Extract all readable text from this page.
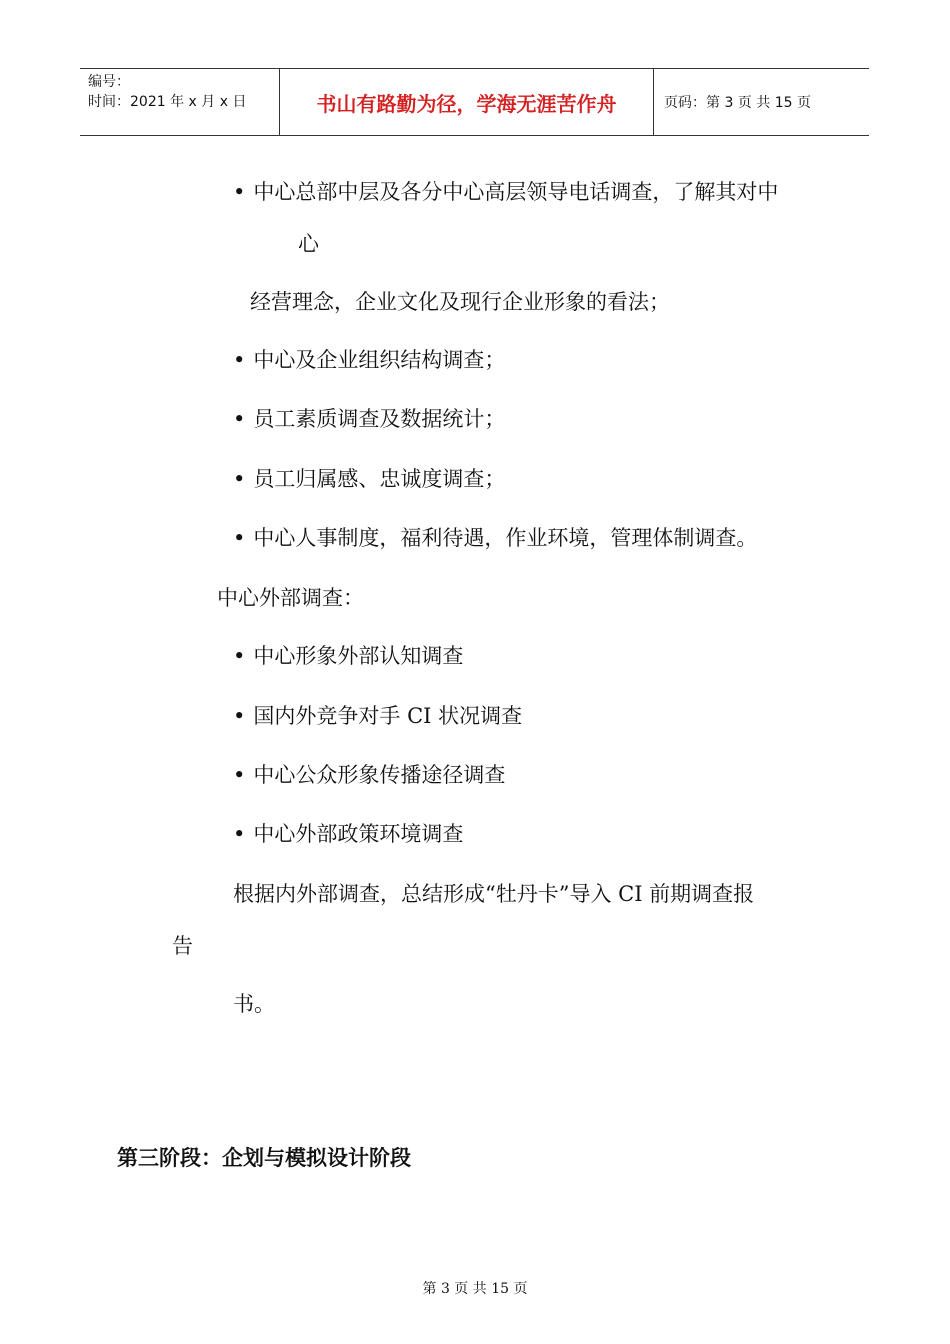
编号：
时间：2021 年 x 月 x 日	书山有路勤为径，学海无涯苦作舟	页码：第 3 页 共 15 页
• 中心总部中层及各分中心高层领导电话调查，了解其对中
心
经营理念，企业文化及现行企业形象的看法；
• 中心及企业组织结构调查；
• 员工素质调查及数据统计；
• 员工归属感、忠诚度调查；
• 中心人事制度，福利待遇，作业环境，管理体制调查。
中心外部调查：
• 中心形象外部认知调查
• 国内外竞争对手 CI 状况调查
• 中心公众形象传播途径调查
• 中心外部政策环境调查
根据内外部调查，总结形成“牡丹卡”导入 CI 前期调查报
告
书。
第三阶段：企划与模拟设计阶段
第 3 页 共 15 页
